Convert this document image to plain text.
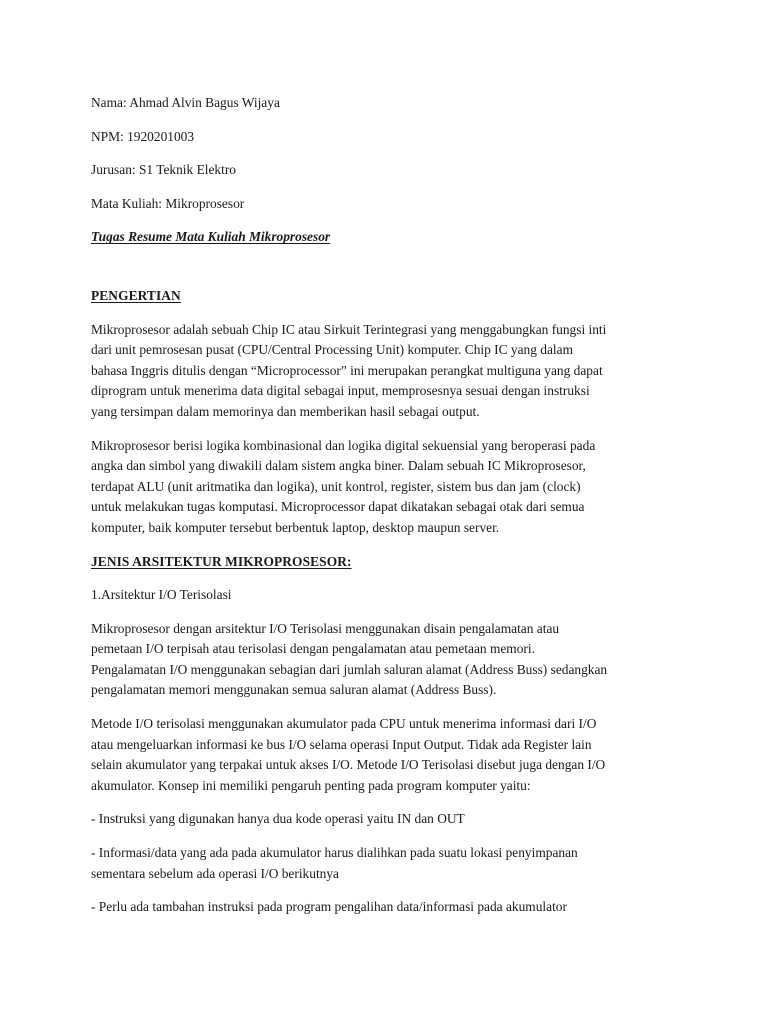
Nama: Ahmad Alvin Bagus Wijaya

NPM: 1920201003

Jurusan: S1 Teknik Elektro

Mata Kuliah: Mikroprosesor

Tugas Resume Mata Kuliah Mikroprosesor

PENGERTIAN

Mikroprosesor adalah sebuah Chip IC atau Sirkuit Terintegrasi yang menggabungkan fungsi inti

dari unit pemrosesan pusat (CPU/Central Processing Unit) komputer. Chip IC yang dalam

bahasa Inggris ditulis dengan “Microprocessor” ini merupakan perangkat multiguna yang dapat

diprogram untuk menerima data digital sebagai input, memprosesnya sesuai dengan instruksi

yang tersimpan dalam memorinya dan memberikan hasil sebagai output.

Mikroprosesor berisi logika kombinasional dan logika digital sekuensial yang beroperasi pada

angka dan simbol yang diwakili dalam sistem angka biner. Dalam sebuah IC Mikroprosesor,

terdapat ALU (unit aritmatika dan logika), unit kontrol, register, sistem bus dan jam (clock)

untuk melakukan tugas komputasi. Microprocessor dapat dikatakan sebagai otak dari semua

komputer, baik komputer tersebut berbentuk laptop, desktop maupun server.

JENIS ARSITEKTUR MIKROPROSESOR:

1.Arsitektur I/O Terisolasi

Mikroprosesor dengan arsitektur I/O Terisolasi menggunakan disain pengalamatan atau

pemetaan I/O terpisah atau terisolasi dengan pengalamatan atau pemetaan memori.

Pengalamatan I/O menggunakan sebagian dari jumlah saluran alamat (Address Buss) sedangkan

pengalamatan memori menggunakan semua saluran alamat (Address Buss).

Metode I/O terisolasi menggunakan akumulator pada CPU untuk menerima informasi dari I/O

atau mengeluarkan informasi ke bus I/O selama operasi Input Output. Tidak ada Register lain

selain akumulator yang terpakai untuk akses I/O. Metode I/O Terisolasi disebut juga dengan I/O

akumulator. Konsep ini memiliki pengaruh penting pada program komputer yaitu:

- Instruksi yang digunakan hanya dua kode operasi yaitu IN dan OUT

- Informasi/data yang ada pada akumulator harus dialihkan pada suatu lokasi penyimpanan

sementara sebelum ada operasi I/O berikutnya

- Perlu ada tambahan instruksi pada program pengalihan data/informasi pada akumulator
